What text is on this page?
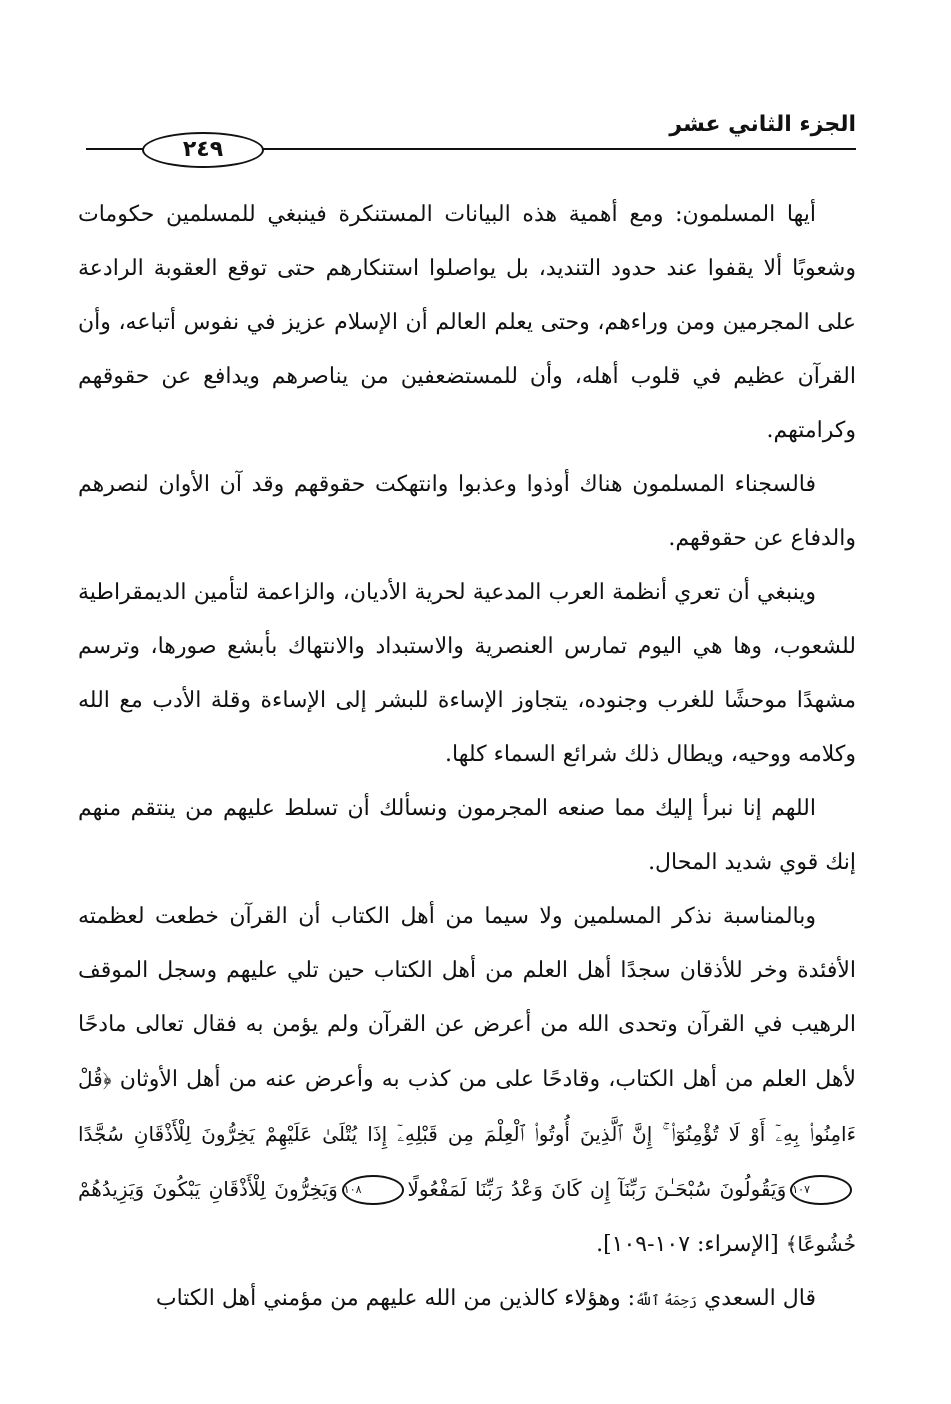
الجزء الثاني عشر
٢٤٩

أيها المسلمون: ومع أهمية هذه البيانات المستنكرة فينبغي للمسلمين حكومات وشعوبًا ألا يقفوا عند حدود التنديد، بل يواصلوا استنكارهم حتى توقع العقوبة الرادعة على المجرمين ومن وراءهم، وحتى يعلم العالم أن الإسلام عزيز في نفوس أتباعه، وأن القرآن عظيم في قلوب أهله، وأن للمستضعفين من يناصرهم ويدافع عن حقوقهم وكرامتهم.

فالسجناء المسلمون هناك أوذوا وعذبوا وانتهكت حقوقهم وقد آن الأوان لنصرهم والدفاع عن حقوقهم.

وينبغي أن تعري أنظمة العرب المدعية لحرية الأديان، والزاعمة لتأمين الديمقراطية للشعوب، وها هي اليوم تمارس العنصرية والاستبداد والانتهاك بأبشع صورها، وترسم مشهدًا موحشًا للغرب وجنوده، يتجاوز الإساءة للبشر إلى الإساءة وقلة الأدب مع الله وكلامه ووحيه، ويطال ذلك شرائع السماء كلها.

اللهم إنا نبرأ إليك مما صنعه المجرمون ونسألك أن تسلط عليهم من ينتقم منهم إنك قوي شديد المحال.

وبالمناسبة نذكر المسلمين ولا سيما من أهل الكتاب أن القرآن خطعت لعظمته الأفئدة وخر للأذقان سجدًا أهل العلم من أهل الكتاب حين تلي عليهم وسجل الموقف الرهيب في القرآن وتحدى الله من أعرض عن القرآن ولم يؤمن به فقال تعالى مادحًا لأهل العلم من أهل الكتاب، وقادحًا على من كذب به وأعرض عنه من أهل الأوثان ﴿قُلْ ءَامِنُوا۟ بِهِۦٓ أَوْ لَا تُؤْمِنُوٓا۟ ۚ إِنَّ ٱلَّذِينَ أُوتُوا۟ ٱلْعِلْمَ مِن قَبْلِهِۦٓ إِذَا يُتْلَىٰ عَلَيْهِمْ يَخِرُّونَ لِلْأَذْقَانِ سُجَّدًا١٠٧وَيَقُولُونَ سُبْحَـٰنَ رَبِّنَآ إِن كَانَ وَعْدُ رَبِّنَا لَمَفْعُولًا١٠٨وَيَخِرُّونَ لِلْأَذْقَانِ يَبْكُونَ وَيَزِيدُهُمْ خُشُوعًا﴾ [الإسراء: ١٠٧-١٠٩].

قال السعدي رَحِمَهُ ٱللَّهُ: وهؤلاء كالذين من الله عليهم من مؤمني أهل الكتاب
